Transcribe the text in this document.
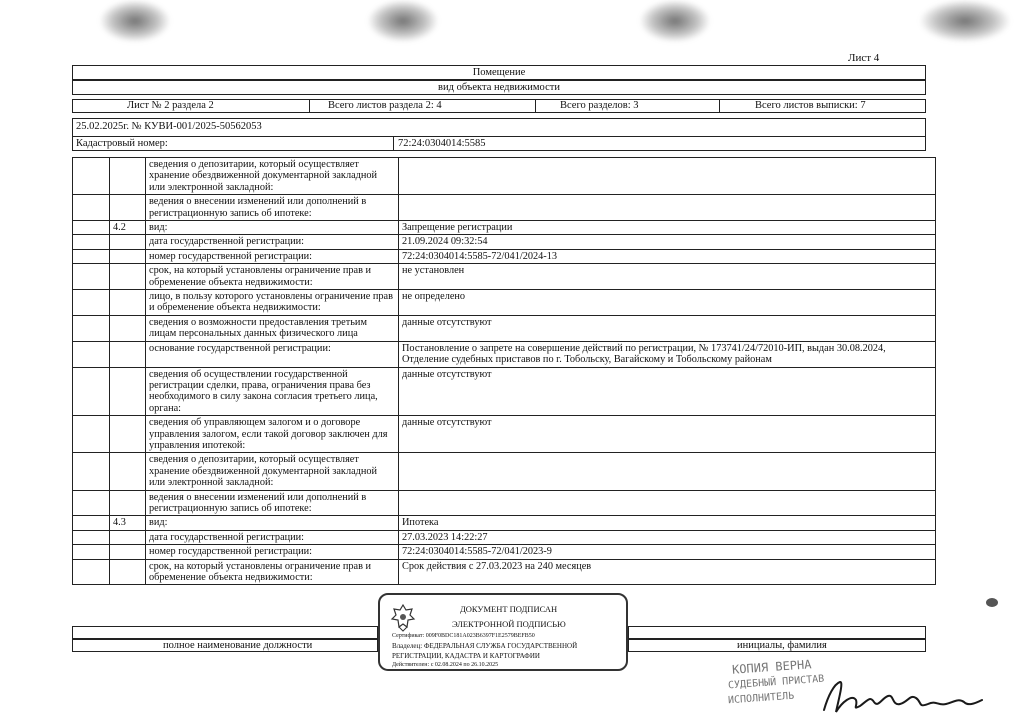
Лист 4
Помещение
вид объекта недвижимости
Лист № 2 раздела 2	Всего листов раздела 2: 4	Всего разделов: 3	Всего листов выписки: 7
25.02.2025г. № КУВИ-001/2025-50562053
Кадастровый номер:	72:24:0304014:5585
		сведения о депозитарии, который осуществляет хранение обездвиженной документарной закладной или электронной закладной:	
		ведения о внесении изменений или дополнений в регистрационную запись об ипотеке:	
	4.2	вид:	Запрещение регистрации
		дата государственной регистрации:	21.09.2024 09:32:54
		номер государственной регистрации:	72:24:0304014:5585-72/041/2024-13
		срок, на который установлены ограничение прав и обременение объекта недвижимости:	не установлен
		лицо, в пользу которого установлены ограничение прав и обременение объекта недвижимости:	не определено
		сведения о возможности предоставления третьим лицам персональных данных физического лица	данные отсутствуют
		основание государственной регистрации:	Постановление о запрете на совершение действий по регистрации, № 173741/24/72010-ИП, выдан 30.08.2024, Отделение судебных приставов по г. Тобольску, Вагайскому и Тобольскому районам
		сведения об осуществлении государственной регистрации сделки, права, ограничения права без необходимого в силу закона согласия третьего лица, органа:	данные отсутствуют
		сведения об управляющем залогом и о договоре управления залогом, если такой договор заключен для управления ипотекой:	данные отсутствуют
		сведения о депозитарии, который осуществляет хранение обездвиженной документарной закладной или электронной закладной:	
		ведения о внесении изменений или дополнений в регистрационную запись об ипотеке:	
	4.3	вид:	Ипотека
		дата государственной регистрации:	27.03.2023 14:22:27
		номер государственной регистрации:	72:24:0304014:5585-72/041/2023-9
		срок, на который установлены ограничение прав и обременение объекта недвижимости:	Срок действия с 27.03.2023 на 240 месяцев
ДОКУМЕНТ ПОДПИСАН
ЭЛЕКТРОННОЙ ПОДПИСЬЮ
Сертификат: 009F0BDC181A023B6397F1E2579BEFB50
Владелец: ФЕДЕРАЛЬНАЯ СЛУЖБА ГОСУДАРСТВЕННОЙ
РЕГИСТРАЦИИ, КАДАСТРА И КАРТОГРАФИИ
Действителен: с 02.08.2024 по 26.10.2025
полное наименование должности	инициалы, фамилия
КОПИЯ ВЕРНА
СУДЕБНЫЙ ПРИСТАВ
ИСПОЛНИТЕЛЬ
